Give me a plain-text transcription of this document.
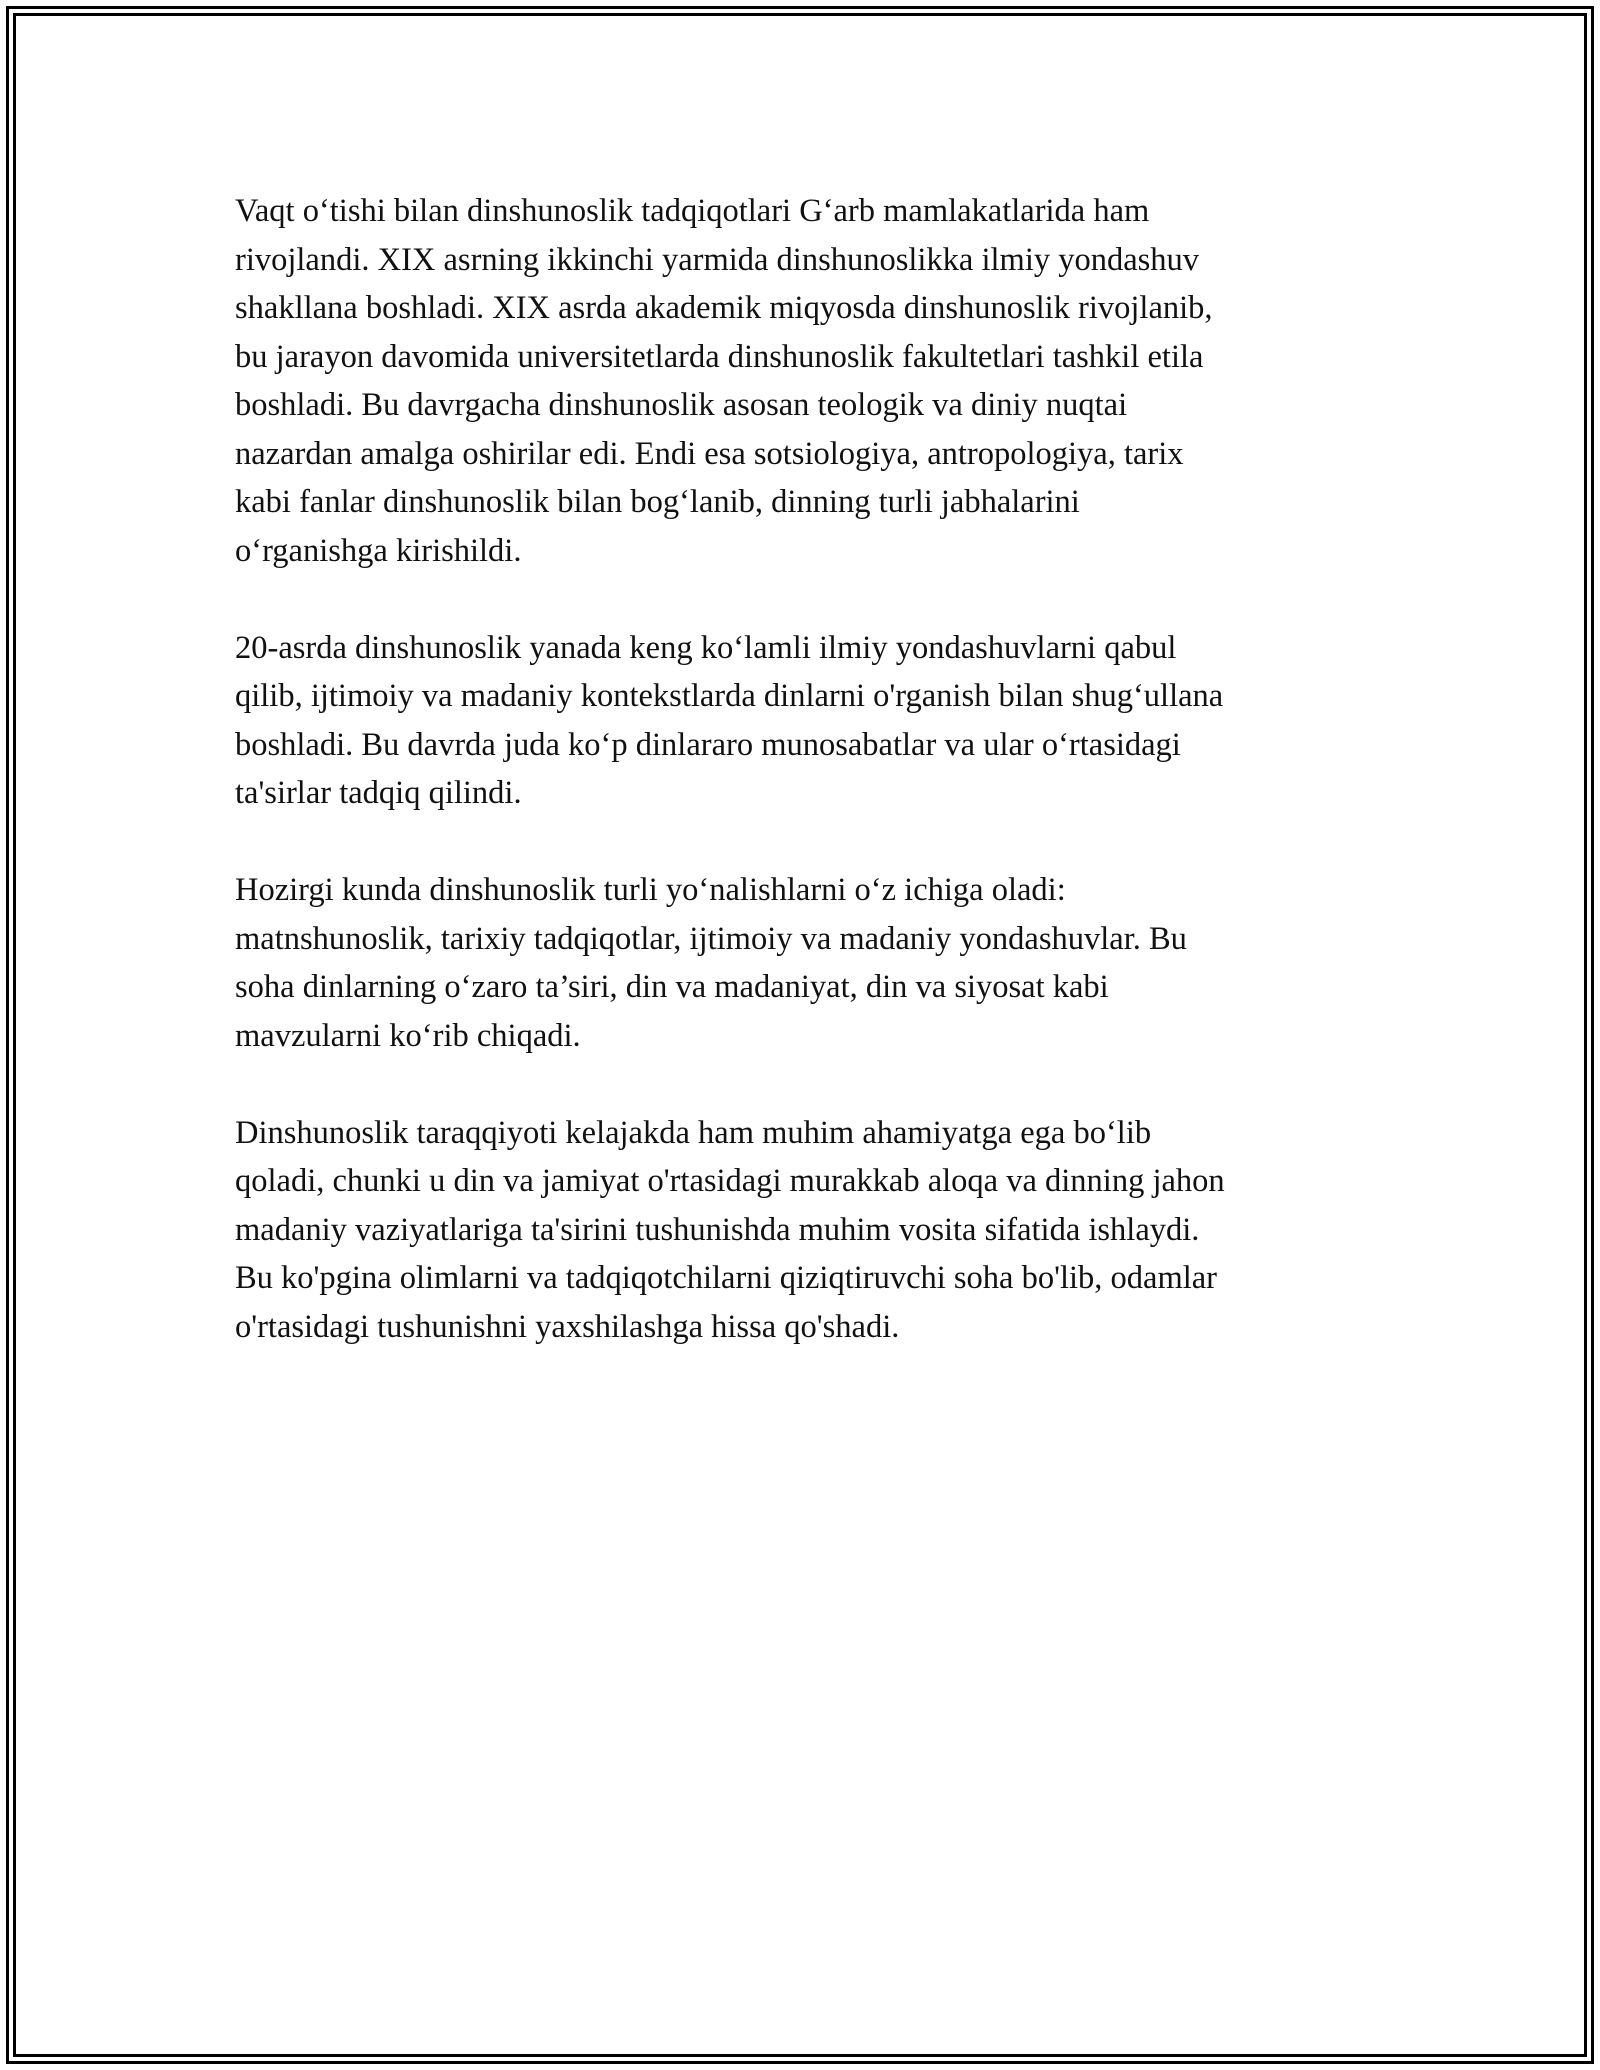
Vaqt o‘tishi bilan dinshunoslik tadqiqotlari G‘arb mamlakatlarida ham
rivojlandi. XIX asrning ikkinchi yarmida dinshunoslikka ilmiy yondashuv
shakllana boshladi. XIX asrda akademik miqyosda dinshunoslik rivojlanib,
bu jarayon davomida universitetlarda dinshunoslik fakultetlari tashkil etila
boshladi. Bu davrgacha dinshunoslik asosan teologik va diniy nuqtai
nazardan amalga oshirilar edi. Endi esa sotsiologiya, antropologiya, tarix
kabi fanlar dinshunoslik bilan bog‘lanib, dinning turli jabhalarini
o‘rganishga kirishildi.

20-asrda dinshunoslik yanada keng ko‘lamli ilmiy yondashuvlarni qabul
qilib, ijtimoiy va madaniy kontekstlarda dinlarni o'rganish bilan shug‘ullana
boshladi. Bu davrda juda ko‘p dinlararo munosabatlar va ular o‘rtasidagi
ta'sirlar tadqiq qilindi.

Hozirgi kunda dinshunoslik turli yo‘nalishlarni o‘z ichiga oladi:
matnshunoslik, tarixiy tadqiqotlar, ijtimoiy va madaniy yondashuvlar. Bu
soha dinlarning o‘zaro ta’siri, din va madaniyat, din va siyosat kabi
mavzularni ko‘rib chiqadi.

Dinshunoslik taraqqiyoti kelajakda ham muhim ahamiyatga ega bo‘lib
qoladi, chunki u din va jamiyat o'rtasidagi murakkab aloqa va dinning jahon
madaniy vaziyatlariga ta'sirini tushunishda muhim vosita sifatida ishlaydi.
Bu ko'pgina olimlarni va tadqiqotchilarni qiziqtiruvchi soha bo'lib, odamlar
o'rtasidagi tushunishni yaxshilashga hissa qo'shadi.
